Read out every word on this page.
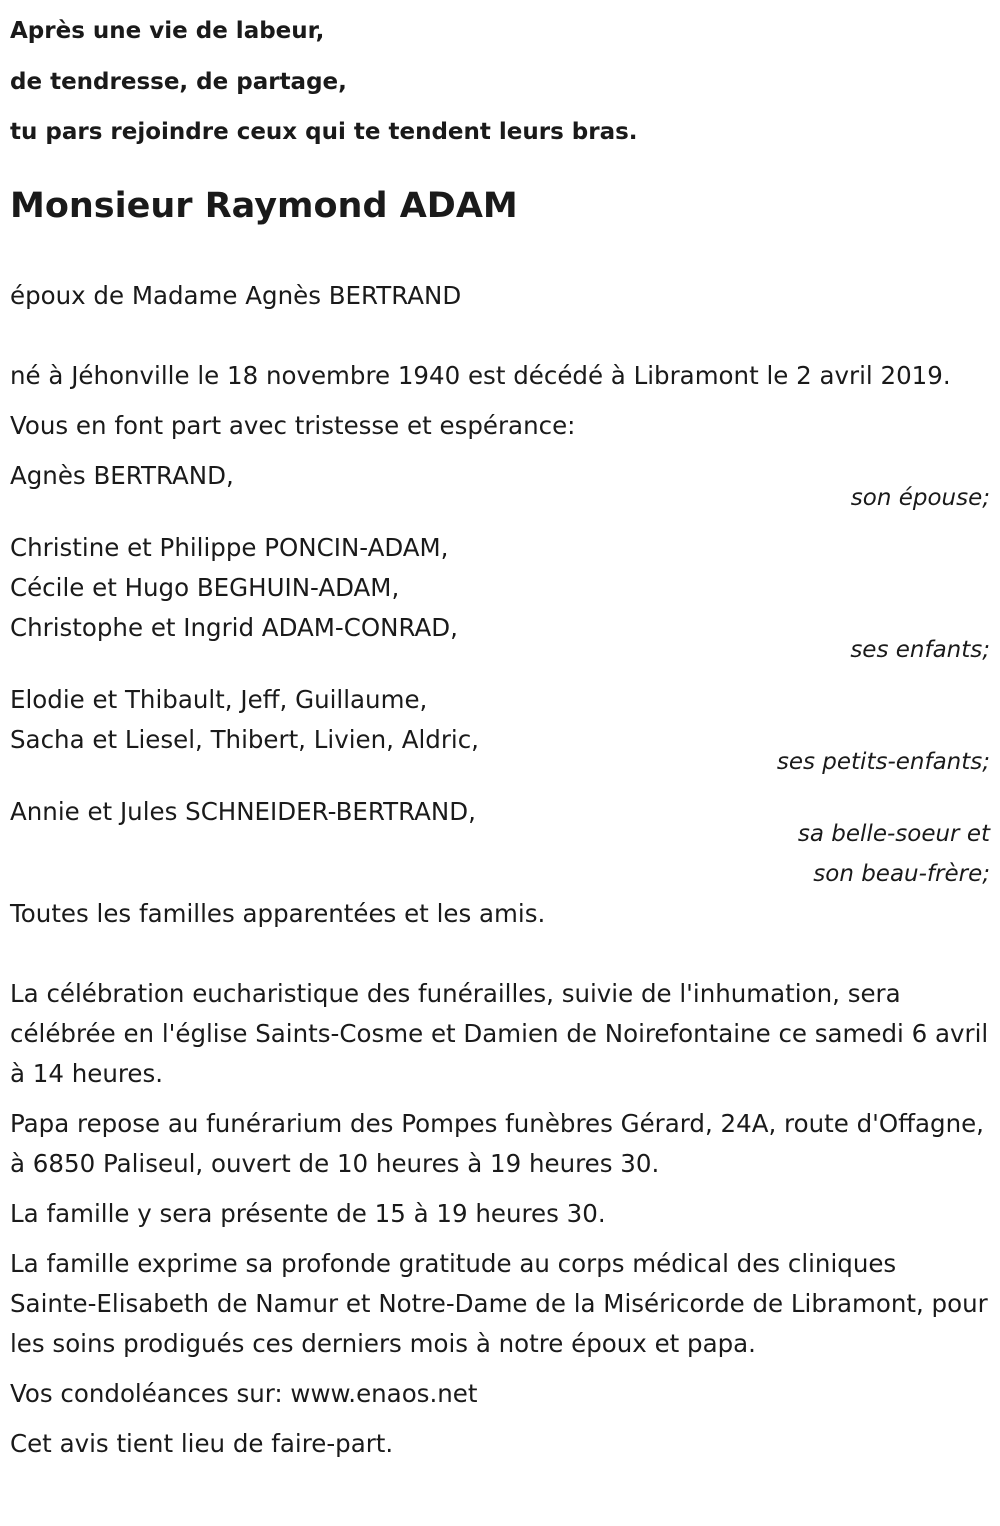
Après une vie de labeur,

de tendresse, de partage,

tu pars rejoindre ceux qui te tendent leurs bras.

Monsieur Raymond ADAM

époux de Madame Agnès BERTRAND

né à Jéhonville le 18 novembre 1940 est décédé à Libramont le 2 avril 2019.

Vous en font part avec tristesse et espérance:

Agnès BERTRAND,

son épouse;

Christine et Philippe PONCIN-ADAM,

Cécile et Hugo BEGHUIN-ADAM,

Christophe et Ingrid ADAM-CONRAD,

ses enfants;

Elodie et Thibault, Jeff, Guillaume,

Sacha et Liesel, Thibert, Livien, Aldric,

ses petits-enfants;

Annie et Jules SCHNEIDER-BERTRAND,

sa belle-soeur et

son beau-frère;

Toutes les familles apparentées et les amis.

La célébration eucharistique des funérailles, suivie de l'inhumation, sera célébrée en l'église Saints-Cosme et Damien de Noirefontaine ce samedi 6 avril à 14 heures.

Papa repose au funérarium des Pompes funèbres Gérard, 24A, route d'Offagne, à 6850 Paliseul, ouvert de 10 heures à 19 heures 30.

La famille y sera présente de 15 à 19 heures 30.

La famille exprime sa profonde gratitude au corps médical des cliniques Sainte-Elisabeth de Namur et Notre-Dame de la Miséricorde de Libramont, pour les soins prodigués ces derniers mois à notre époux et papa.

Vos condoléances sur: www.enaos.net

Cet avis tient lieu de faire-part.
